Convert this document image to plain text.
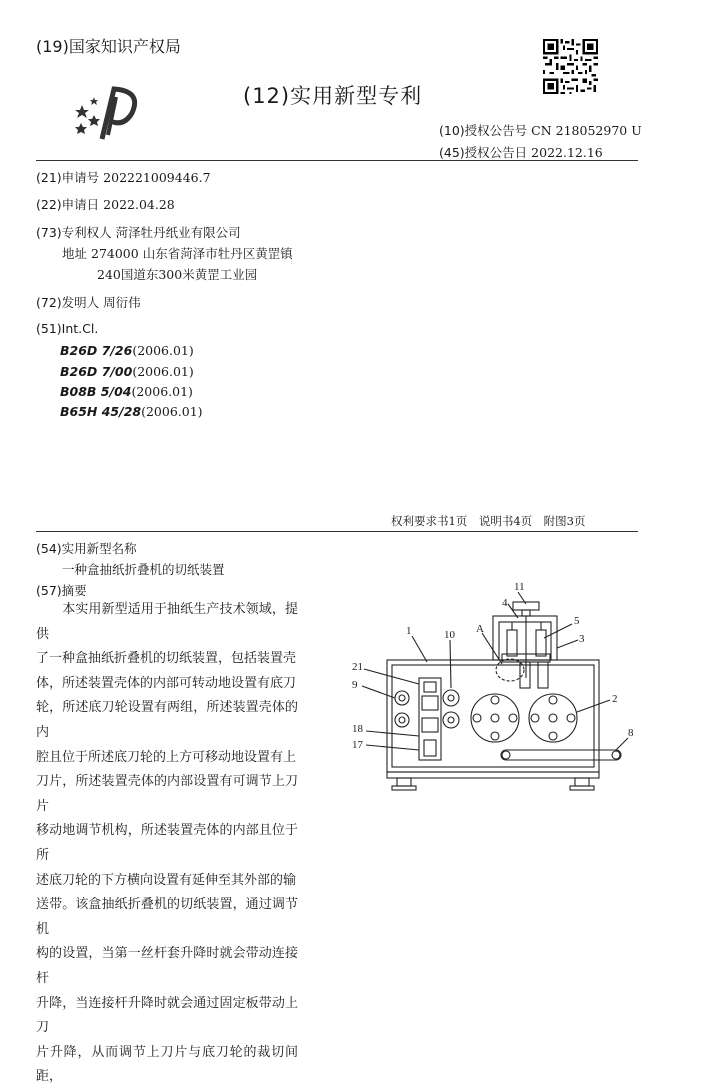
(19)国家知识产权局
(12)实用新型专利
(10)授权公告号 CN 218052970 U
(45)授权公告日 2022.12.16
(21)申请号 202221009446.7
(22)申请日 2022.04.28
(73)专利权人 菏泽牡丹纸业有限公司
地址 274000 山东省菏泽市牡丹区黄罡镇
240国道东300米黄罡工业园
(72)发明人 周衍伟
(51)Int.Cl.
B26D 7/26(2006.01)
B26D 7/00(2006.01)
B08B 5/04(2006.01)
B65H 45/28(2006.01)
权利要求书1页　说明书4页　附图3页
(54)实用新型名称
一种盒抽纸折叠机的切纸装置
(57)摘要
　　本实用新型适用于抽纸生产技术领域，提供
了一种盒抽纸折叠机的切纸装置，包括装置壳
体，所述装置壳体的内部可转动地设置有底刀
轮，所述底刀轮设置有两组，所述装置壳体的内
腔且位于所述底刀轮的上方可移动地设置有上
刀片，所述装置壳体的内部设置有可调节上刀片
移动地调节机构，所述装置壳体的内部且位于所
述底刀轮的下方横向设置有延伸至其外部的输
送带。该盒抽纸折叠机的切纸装置，通过调节机
构的设置，当第一丝杆套升降时就会带动连接杆
升降，当连接杆升降时就会通过固定板带动上刀
片升降，从而调节上刀片与底刀轮的裁切间距，
11
4
A
5
3
1	10
21
9
2
18
17
8
